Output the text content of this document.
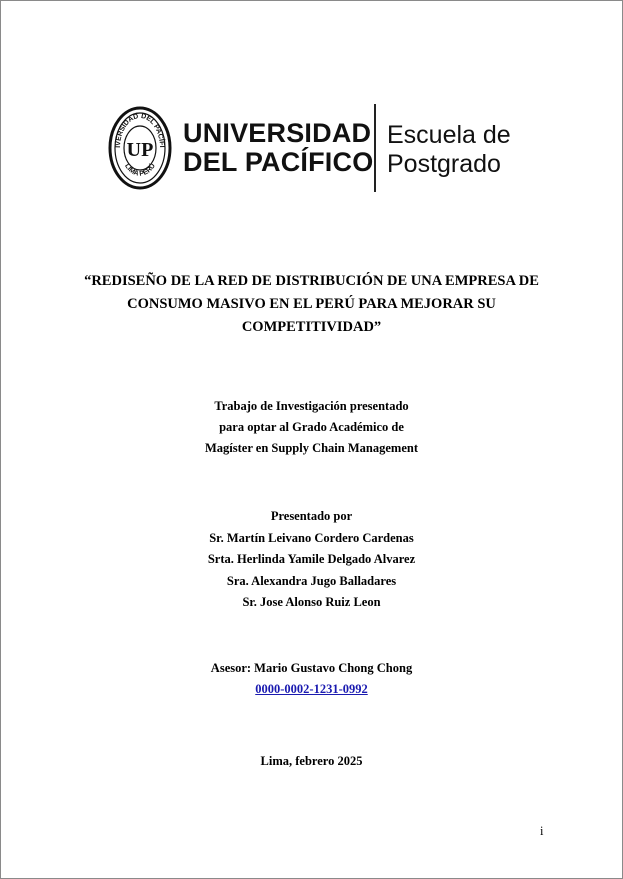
IVERSIDAD DEL PACÍFI
LIMA PERÚ
UP
UNIVERSIDAD
DEL PACÍFICO
Escuela de
Postgrado
“REDISEÑO DE LA RED DE DISTRIBUCIÓN DE UNA EMPRESA DE
CONSUMO MASIVO EN EL PERÚ PARA MEJORAR SU
COMPETITIVIDAD”
Trabajo de Investigación presentado
para optar al Grado Académico de
Magíster en Supply Chain Management
Presentado por
Sr. Martín Leivano Cordero Cardenas
Srta. Herlinda Yamile Delgado Alvarez
Sra. Alexandra Jugo Balladares
Sr. Jose Alonso Ruiz Leon
Asesor: Mario Gustavo Chong Chong
0000-0002-1231-0992
Lima, febrero 2025
i
